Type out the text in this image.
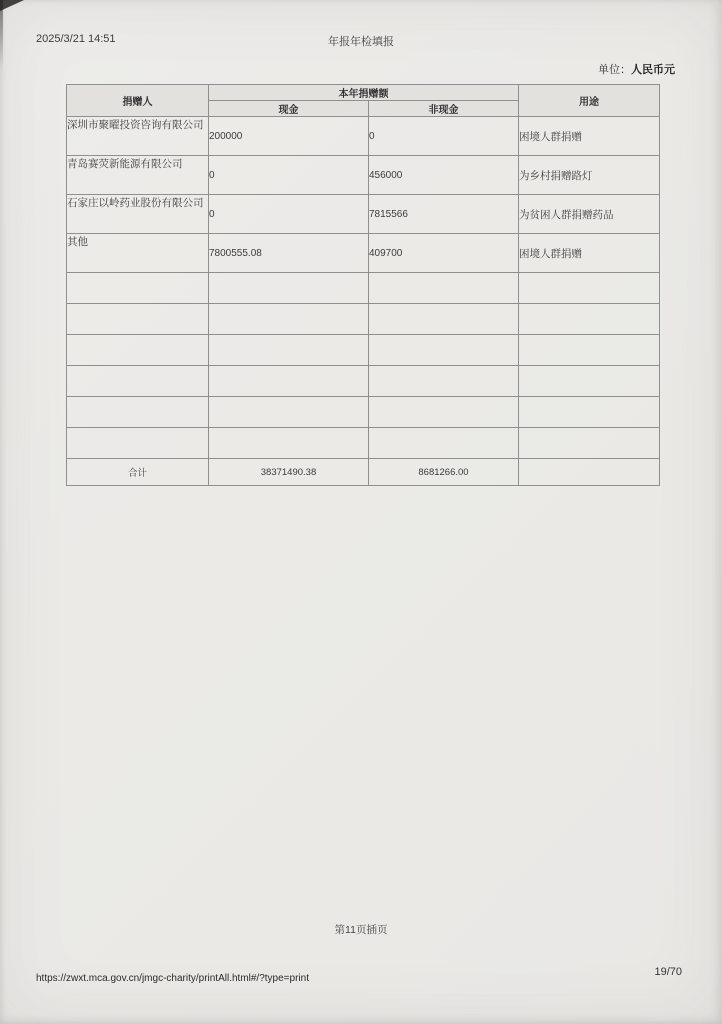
2025/3/21 14:51	年报年检填报
单位：人民币元
捐赠人	本年捐赠额		用途
	现金	非现金	
深圳市聚曜投资咨询有限公司	200000	0	困境人群捐赠
青岛赛荧新能源有限公司	0	456000	为乡村捐赠路灯
石家庄以岭药业股份有限公司	0	7815566	为贫困人群捐赠药品
其他	7800555.08	409700	困境人群捐赠

合计	38371490.38	8681266.00	
第11页插页
https://zwxt.mca.gov.cn/jmgc-charity/printAll.html#/?type=print
19/70
